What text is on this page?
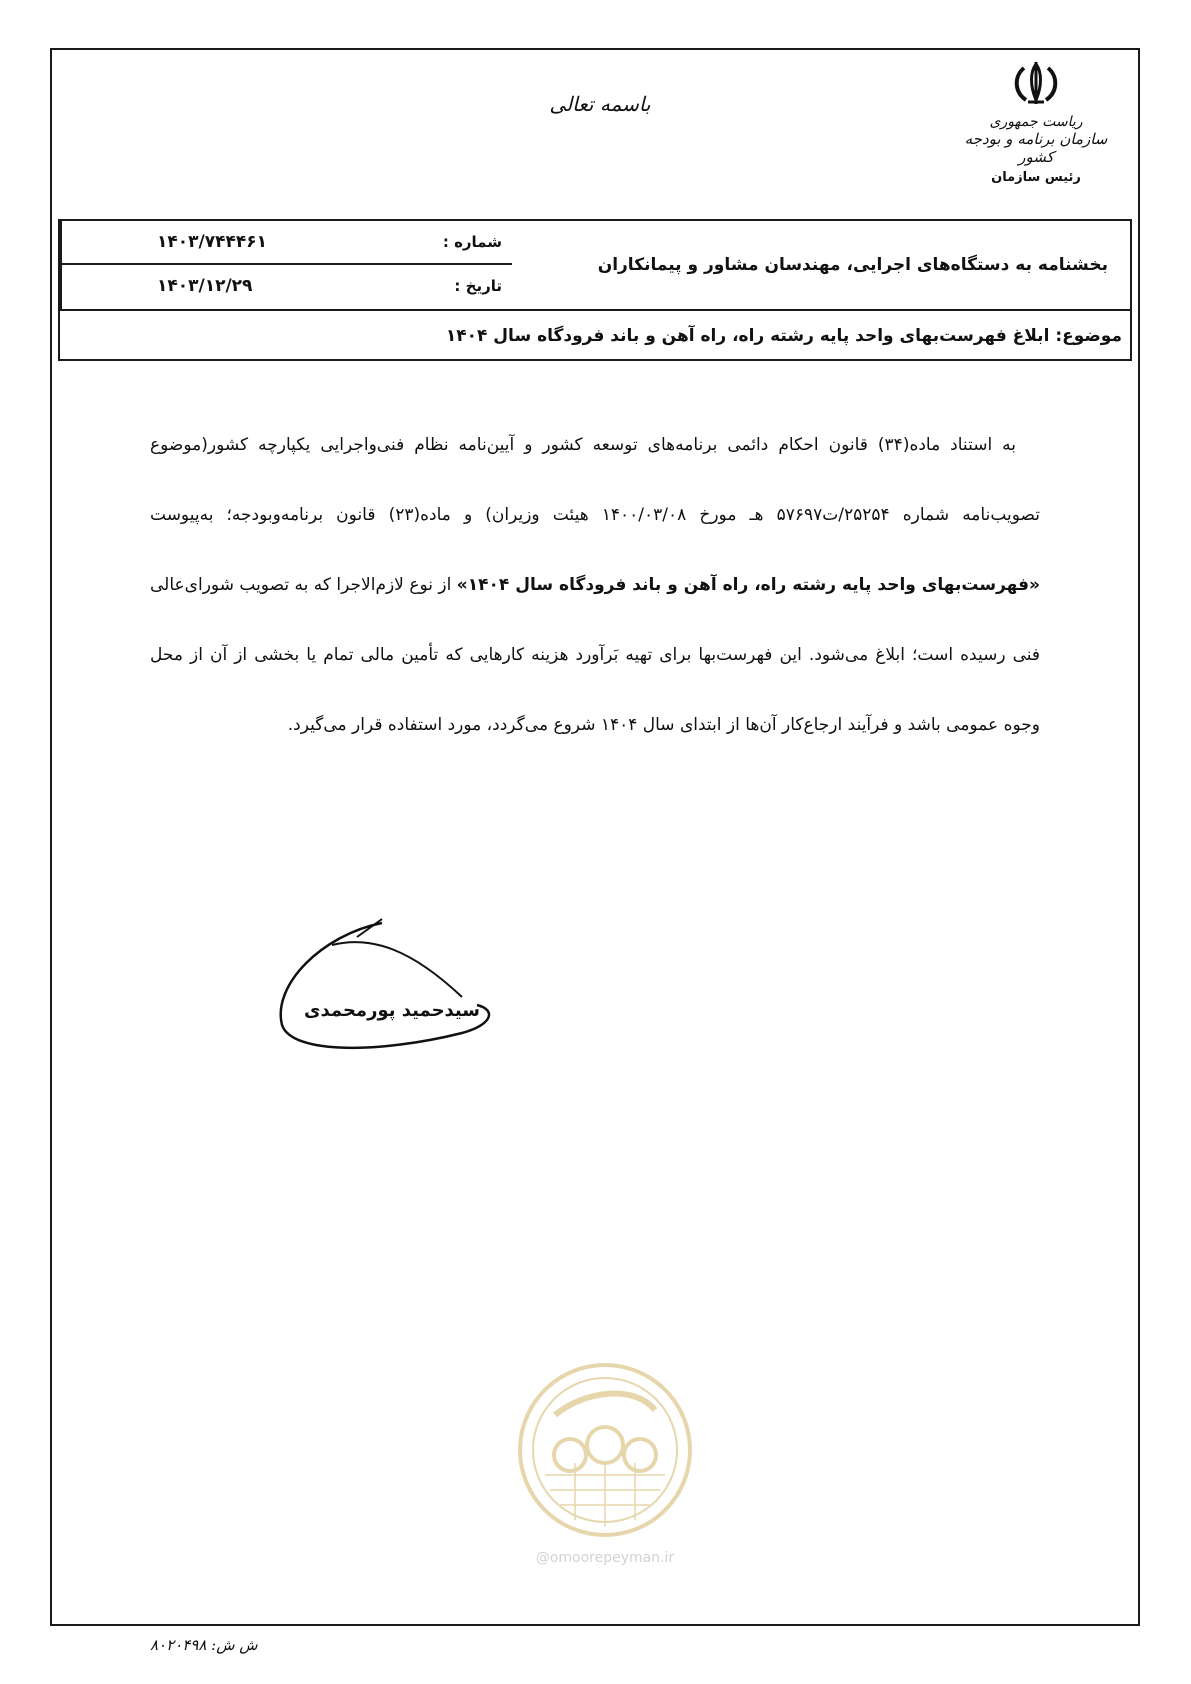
ریاست جمهوری
سازمان برنامه و بودجه کشور
رئیس سازمان
باسمه تعالی
بخشنامه به دستگاه‌های اجرایی، مهندسان مشاور و پیمانکاران
شماره :
۱۴۰۳/۷۴۴۴۶۱
تاریخ :
۱۴۰۳/۱۲/۲۹
موضوع: ابلاغ فهرست‌بهای واحد پایه رشته راه، راه آهن و باند فرودگاه سال ۱۴۰۴

به استناد ماده(۳۴) قانون احکام دائمی برنامه‌های توسعه کشور و آیین‌نامه نظام فنی‌واجرایی یکپارچه کشور(موضوع تصویب‌نامه شماره ۲۵۲۵۴/ت۵۷۶۹۷ هـ مورخ ۱۴۰۰/۰۳/۰۸ هیئت وزیران) و ماده(۲۳) قانون برنامه‌وبودجه؛ به‌پیوست «فهرست‌بهای واحد پایه رشته راه، راه آهن و باند فرودگاه سال ۱۴۰۴» از نوع لازم‌الاجرا که به تصویب شورای‌عالی فنی رسیده است؛ ابلاغ می‌شود. این فهرست‌بها برای تهیه بَرآورد هزینه کارهایی که تأمین مالی تمام یا بخشی از آن از محل وجوه عمومی باشد و فرآیند ارجاع‌کار آن‌ها از ابتدای سال ۱۴۰۴ شروع می‌گردد، مورد استفاده قرار می‌گیرد.

سیدحمید پورمحمدی
@omoorepeyman.ir
ش ش: ۸۰۲۰۴۹۸
